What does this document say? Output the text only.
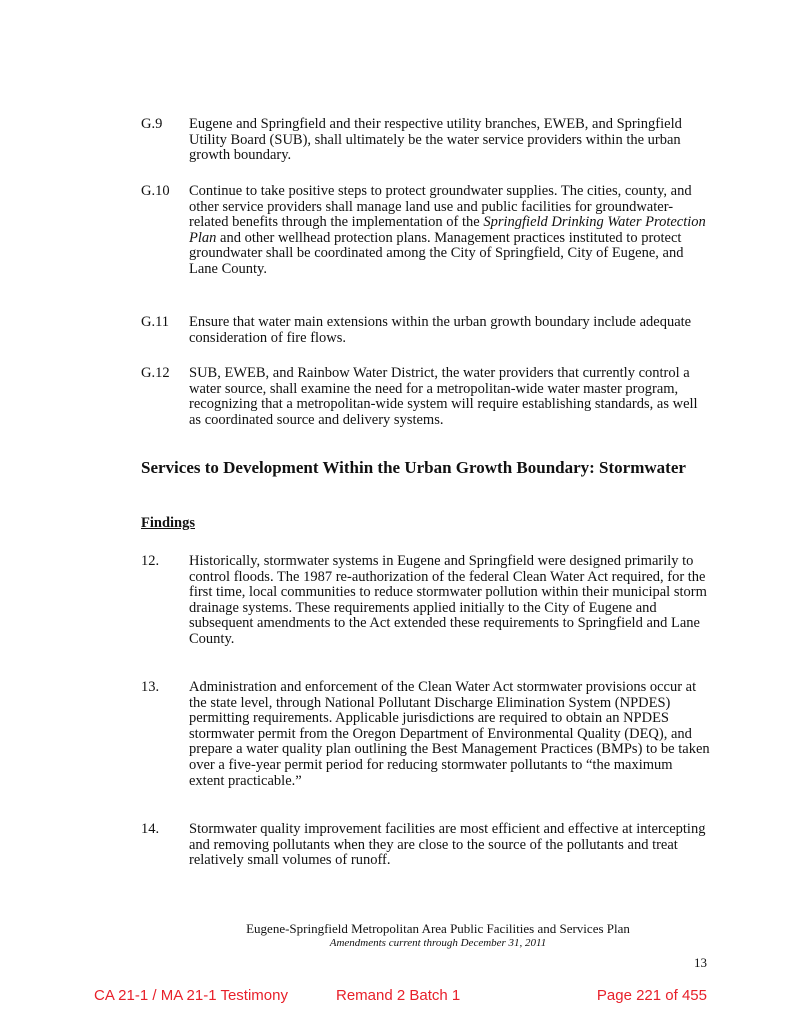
G.9	Eugene and Springfield and their respective utility branches, EWEB, and Springfield Utility Board (SUB), shall ultimately be the water service providers within the urban growth boundary.
G.10	Continue to take positive steps to protect groundwater supplies. The cities, county, and other service providers shall manage land use and public facilities for groundwater-related benefits through the implementation of the Springfield Drinking Water Protection Plan and other wellhead protection plans. Management practices instituted to protect groundwater shall be coordinated among the City of Springfield, City of Eugene, and Lane County.
G.11	Ensure that water main extensions within the urban growth boundary include adequate consideration of fire flows.
G.12	SUB, EWEB, and Rainbow Water District, the water providers that currently control a water source, shall examine the need for a metropolitan-wide water master program, recognizing that a metropolitan-wide system will require establishing standards, as well as coordinated source and delivery systems.
Services to Development Within the Urban Growth Boundary: Stormwater
Findings
12.	Historically, stormwater systems in Eugene and Springfield were designed primarily to control floods. The 1987 re-authorization of the federal Clean Water Act required, for the first time, local communities to reduce stormwater pollution within their municipal storm drainage systems. These requirements applied initially to the City of Eugene and subsequent amendments to the Act extended these requirements to Springfield and Lane County.
13.	Administration and enforcement of the Clean Water Act stormwater provisions occur at the state level, through National Pollutant Discharge Elimination System (NPDES) permitting requirements. Applicable jurisdictions are required to obtain an NPDES stormwater permit from the Oregon Department of Environmental Quality (DEQ), and prepare a water quality plan outlining the Best Management Practices (BMPs) to be taken over a five-year permit period for reducing stormwater pollutants to “the maximum extent practicable.”
14.	Stormwater quality improvement facilities are most efficient and effective at intercepting and removing pollutants when they are close to the source of the pollutants and treat relatively small volumes of runoff.
Eugene-Springfield Metropolitan Area Public Facilities and Services Plan
Amendments current through December 31, 2011
13
CA 21-1 / MA 21-1 Testimony	Remand 2 Batch 1	Page 221 of 455
